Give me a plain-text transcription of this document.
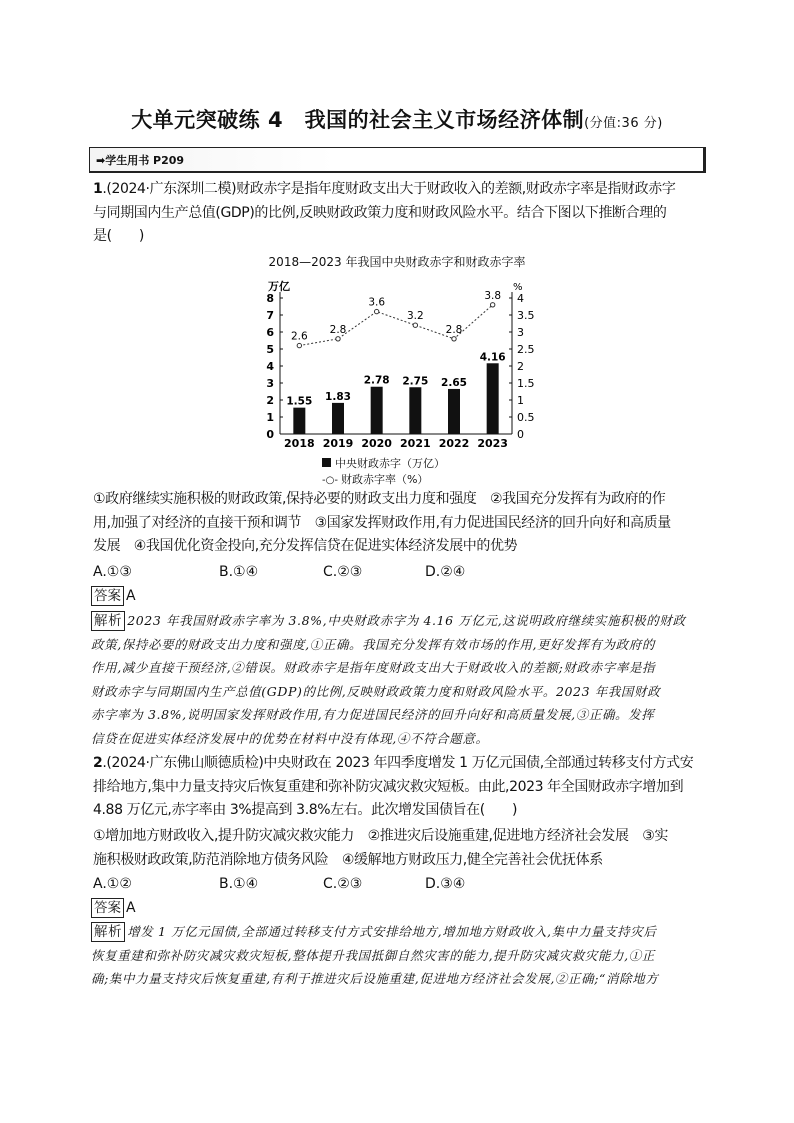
大单元突破练 4　我国的社会主义市场经济体制(分值:36 分)
➡学生用书 P209
1.(2024·广东深圳二模)财政赤字是指年度财政支出大于财政收入的差额,财政赤字率是指财政赤字
与同期国内生产总值(GDP)的比例,反映财政政策力度和财政风险水平。结合下图以下推断合理的
是(　　)
2018—2023 年我国中央财政赤字和财政赤字率
万亿	%
0
1
2
3
4
5
6
7
8
0
0.5
1
1.5
2
2.5
3
3.5
4
1.55 1.83
2.78 2.75 2.65
4.16
2018 2019 2020 2021 2022 2023
2.6
2.8
3.6
3.2
2.8
3.8
中央财政赤字（万亿）
-○- 财政赤字率（%）
①政府继续实施积极的财政政策,保持必要的财政支出力度和强度　②我国充分发挥有为政府的作
用,加强了对经济的直接干预和调节　③国家发挥财政作用,有力促进国民经济的回升向好和高质量
发展　④我国优化资金投向,充分发挥信贷在促进实体经济发展中的优势
A.①③	B.①④	C.②③	D.②④
答案 A
解析 2023 年我国财政赤字率为 3.8%,中央财政赤字为 4.16 万亿元,这说明政府继续实施积极的财政
政策,保持必要的财政支出力度和强度,①正确。我国充分发挥有效市场的作用,更好发挥有为政府的
作用,减少直接干预经济,②错误。财政赤字是指年度财政支出大于财政收入的差额;财政赤字率是指
财政赤字与同期国内生产总值(GDP)的比例,反映财政政策力度和财政风险水平。2023 年我国财政
赤字率为 3.8%,说明国家发挥财政作用,有力促进国民经济的回升向好和高质量发展,③正确。发挥
信贷在促进实体经济发展中的优势在材料中没有体现,④不符合题意。
2.(2024·广东佛山顺德质检)中央财政在 2023 年四季度增发 1 万亿元国债,全部通过转移支付方式安
排给地方,集中力量支持灾后恢复重建和弥补防灾减灾救灾短板。由此,2023 年全国财政赤字增加到
4.88 万亿元,赤字率由 3%提高到 3.8%左右。此次增发国债旨在(　　)
①增加地方财政收入,提升防灾减灾救灾能力　②推进灾后设施重建,促进地方经济社会发展　③实
施积极财政政策,防范消除地方债务风险　④缓解地方财政压力,健全完善社会优抚体系
A.①②	B.①④	C.②③	D.③④
答案 A
解析 增发 1 万亿元国债,全部通过转移支付方式安排给地方,增加地方财政收入,集中力量支持灾后
恢复重建和弥补防灾减灾救灾短板,整体提升我国抵御自然灾害的能力,提升防灾减灾救灾能力,①正
确;集中力量支持灾后恢复重建,有利于推进灾后设施重建,促进地方经济社会发展,②正确;“消除地方
